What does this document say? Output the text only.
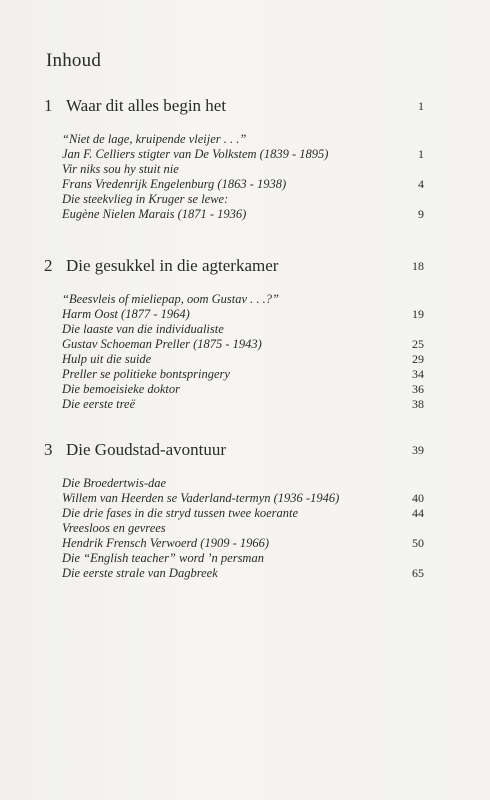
Inhoud
1 Waar dit alles begin het	1
“Niet de lage, kruipende vleijer . . .”
Jan F. Celliers stigter van De Volkstem (1839 - 1895)	1
Vir niks sou hy stuit nie
Frans Vredenrijk Engelenburg (1863 - 1938)	4
Die steekvlieg in Kruger se lewe:
Eugène Nielen Marais (1871 - 1936)	9
2 Die gesukkel in die agterkamer	18
“Beesvleis of mieliepap, oom Gustav . . .?”
Harm Oost (1877 - 1964)	19
Die laaste van die individualiste
Gustav Schoeman Preller (1875 - 1943)	25
Hulp uit die suide	29
Preller se politieke bontspringery	34
Die bemoeisieke doktor	36
Die eerste treë	38
3 Die Goudstad-avontuur	39
Die Broedertwis-dae
Willem van Heerden se Vaderland-termyn (1936 -1946)	40
Die drie fases in die stryd tussen twee koerante	44
Vreesloos en gevrees
Hendrik Frensch Verwoerd (1909 - 1966)	50
Die “English teacher” word ’n persman
Die eerste strale van Dagbreek	65
